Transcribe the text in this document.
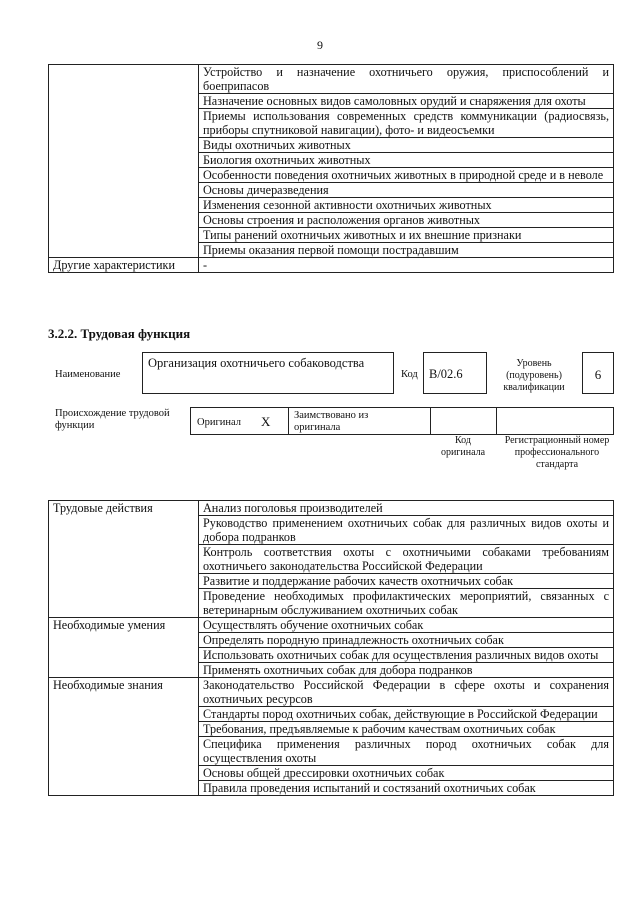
9
	Устройство и назначение охотничьего оружия, приспособлений и боеприпасов
	Назначение основных видов самоловных орудий и снаряжения для охоты
	Приемы использования современных средств коммуникации (радиосвязь, приборы спутниковой навигации), фото- и видеосъемки
	Виды охотничьих животных
	Биология охотничьих животных
	Особенности поведения охотничьих животных в природной среде и в неволе
	Основы дичеразведения
	Изменения сезонной активности охотничьих животных
	Основы строения и расположения органов животных
	Типы ранений охотничьих животных и их внешние признаки
	Приемы оказания первой помощи пострадавшим
Другие характеристики	-
3.2.2. Трудовая функция
Наименование
Организация охотничьего собаководства
Код B/02.6
Уровень (подуровень) квалификации
6
Происхождение трудовой функции	Оригинал X Заимствовано из оригинала
Код оригинала
Регистрационный номер профессионального стандарта
Трудовые действия	Анализ поголовья производителей
	Руководство применением охотничьих собак для различных видов охоты и добора подранков
	Контроль соответствия охоты с охотничьими собаками требованиям охотничьего законодательства Российской Федерации
	Развитие и поддержание рабочих качеств охотничьих собак
	Проведение необходимых профилактических мероприятий, связанных с ветеринарным обслуживанием охотничьих собак
Необходимые умения	Осуществлять обучение охотничьих собак
	Определять породную принадлежность охотничьих собак
	Использовать охотничьих собак для осуществления различных видов охоты
	Применять охотничьих собак для добора подранков
Необходимые знания	Законодательство Российской Федерации в сфере охоты и сохранения охотничьих ресурсов
	Стандарты пород охотничьих собак, действующие в Российской Федерации
	Требования, предъявляемые к рабочим качествам охотничьих собак
	Специфика применения различных пород охотничьих собак для осуществления охоты
	Основы общей дрессировки охотничьих собак
	Правила проведения испытаний и состязаний охотничьих собак
